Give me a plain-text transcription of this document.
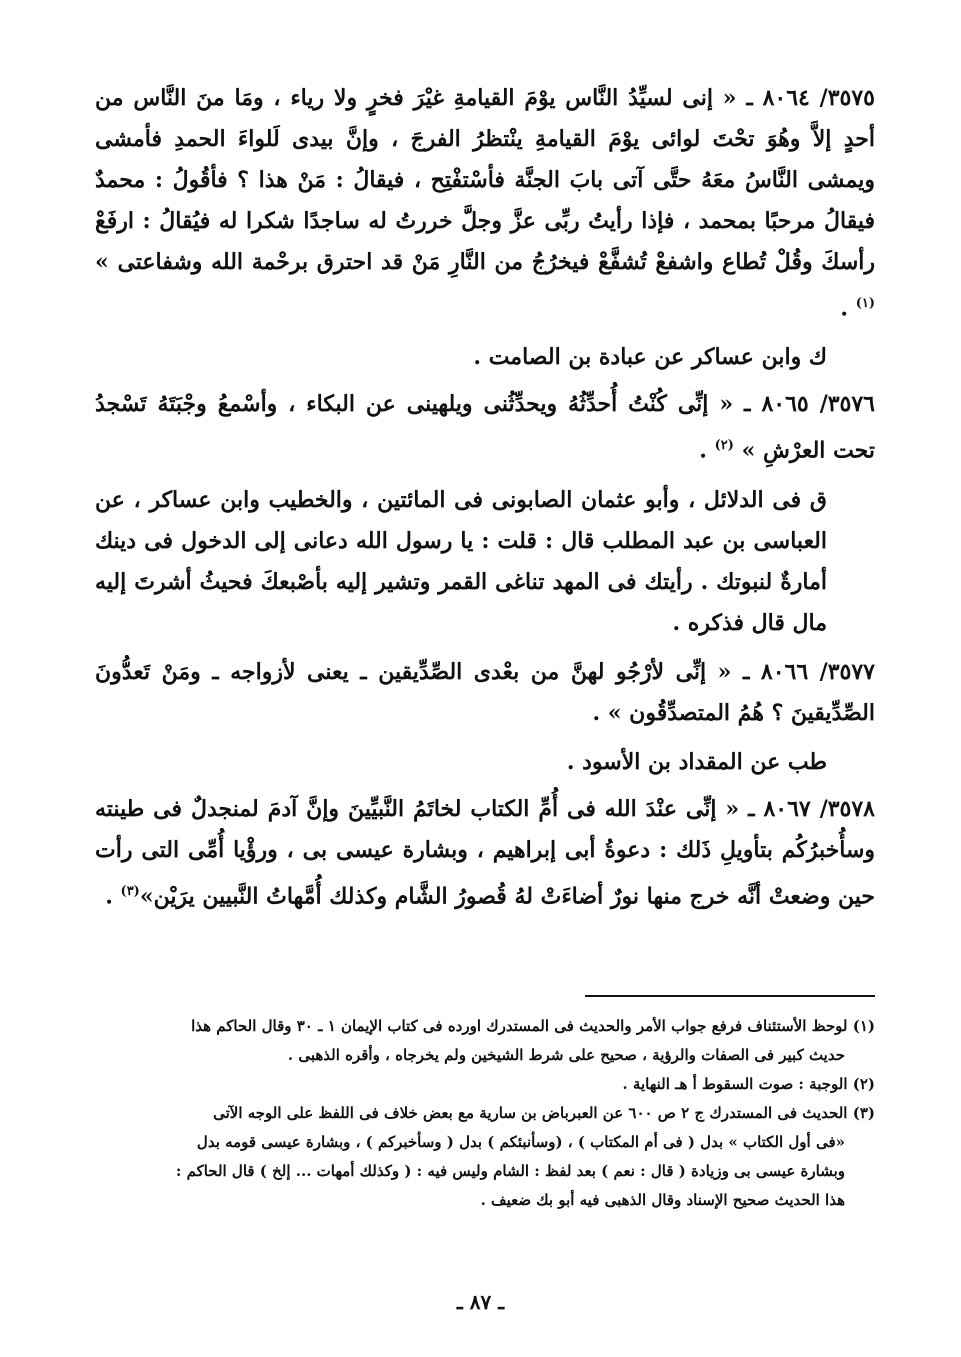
٣٥٧٥/ ٨٠٦٤ ـ « إنى لسيِّدُ النَّاس يوْمَ القيامةِ غيْرَ فخرٍ ولا رياء ، ومَا منَ النَّاس من أحدٍ إلاَّ وهُوَ تحْتَ لوائى يوْمَ القيامةِ ينْتظرُ الفرجَ ، وإنَّ بيدى لَلواءَ الحمدِ فأمشى ويمشى النَّاسُ معَهُ حتَّى آتى بابَ الجنَّة فأسْتفْتِح ، فيقالُ : مَنْ هذا ؟ فأقُولُ : محمدٌ فيقالُ مرحبًا بمحمد ، فإذا رأيتُ ربِّى عزَّ وجلَّ خررتُ له ساجدًا شكرا له فيُقالُ : ارفَعْ رأسكَ وقُلْ تُطاع واشفعْ تُشفَّعْ فيخرُجُ من النَّارِ مَنْ قد احترق برحْمة الله وشفاعتى » $^{(١)}$ .

ك وابن عساكر عن عبادة بن الصامت .

٣٥٧٦/ ٨٠٦٥ ـ « إنِّى كُنْتُ أُحدِّثُهُ ويحدِّثُنى ويلهينى عن البكاء ، وأسْمعُ وجْبَتَهُ تَسْجدُ تحت العرْشِ » $^{(٢)}$ .

ق فى الدلائل ، وأبو عثمان الصابونى فى المائتين ، والخطيب وابن عساكر ، عن العباسى بن عبد المطلب قال : قلت : يا رسول الله دعانى إلى الدخول فى دينك أمارةٌ لنبوتك . رأيتك فى المهد تناغى القمر وتشير إليه بأصْبعكَ فحيثُ أشرتَ إليه مال قال فذكره .

٣٥٧٧/ ٨٠٦٦ ـ « إنِّى لأرْجُو لهنَّ من بعْدى الصِّدِّيقين ـ يعنى لأزواجه ـ ومَنْ تَعدُّونَ الصِّدِّيقينَ ؟ هُمُ المتصدِّقُون » .

طب عن المقداد بن الأسود .

٣٥٧٨/ ٨٠٦٧ ـ « إنِّى عنْدَ الله فى أُمِّ الكتاب لخاتَمُ النَّبيِّينَ وإنَّ آدمَ لمنجدلٌ فى طينته وسأُخبرُكُم بتأويلِ ذَلك : دعوةُ أبى إبراهيم ، وبشارة عيسى بى ، ورؤْيا أُمِّى التى رأت حين وضعتْ أنَّه خرج منها نورٌ أضاءَتْ لهُ قُصورُ الشَّام وكذلك أُمَّهاتُ النَّبيين يرَيْن»$^{(٣)}$ .

(١) لوحظ الأستئناف فرفع جواب الأمر والحديث فى المستدرك اورده فى كتاب الإيمان ١ ـ ٣٠ وقال الحاكم هذا
حديث كبير فى الصفات والرؤية ، صحيح على شرط الشيخين ولم يخرجاه ، وأقره الذهبى .

(٢) الوجبة : صوت السقوط أ هـ النهاية .

(٣) الحديث فى المستدرك ج ٢ ص ٦٠٠ عن العبرباض بن سارية مع بعض خلاف فى اللفظ على الوجه الآتى
«فى أول الكتاب » بدل ( فى أم المكتاب ) ، (وسأنبئكم ) بدل ( وسأخبركم ) ، وبشارة عيسى قومه بدل
وبشارة عيسى بى وزيادة ( قال : نعم ) بعد لفظ : الشام وليس فيه : ( وكذلك أمهات ... إلخ ) قال الحاكم :
هذا الحديث صحيح الإسناد وقال الذهبى فيه أبو بك ضعيف .

ـ ٨٧ ـ
